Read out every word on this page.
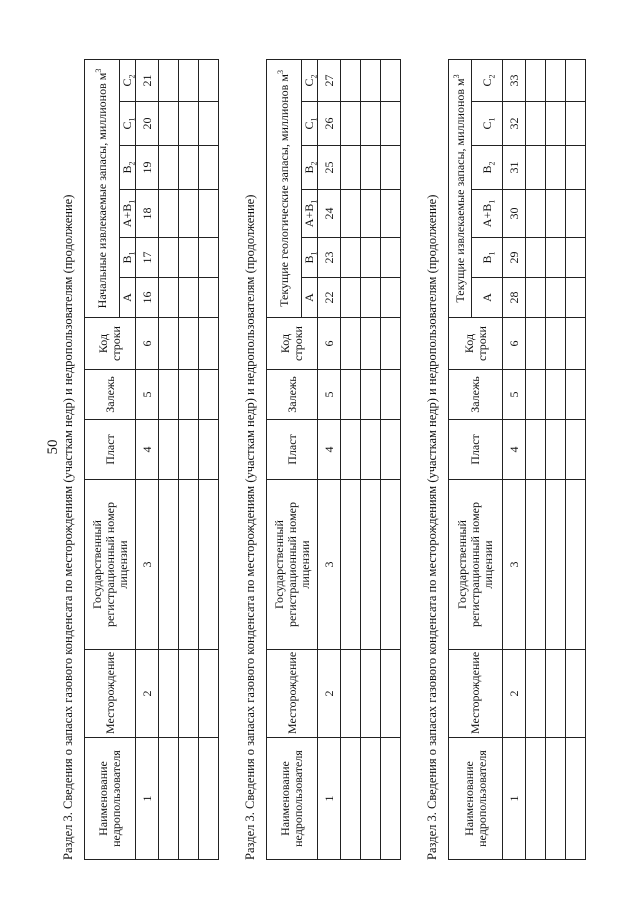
50 Раздел 3. Сведения о запасах газового конденсата по месторождениям (участкам недр) и недропользователям (продолжение) Наименование недропользователя	Месторождение	Государственный регистрационный номер лицензии	Пласт	Залежь	Код строки	Начальные извлекаемые запасы, миллионов $м^3$
						A	$B_1$	$A+B_1$	$B_2$	$C_1$	$C_2$
1	2	3	4	5	6	16	17	18	19	20	21

Раздел 3. Сведения о запасах газового конденсата по месторождениям (участкам недр) и недропользователям (продолжение) Наименование недропользователя	Месторождение	Государственный регистрационный номер лицензии	Пласт	Залежь	Код строки	Текущие геологические запасы, миллионов $м^3$
						A	$B_1$	$A+B_1$	$B_2$	$C_1$	$C_2$
1	2	3	4	5	6	22	23	24	25	26	27

Раздел 3. Сведения о запасах газового конденсата по месторождениям (участкам недр) и недропользователям (продолжение) Наименование недропользователя	Месторождение	Государственный регистрационный номер лицензии	Пласт	Залежь	Код строки	Текущие извлекаемые запасы, миллионов $м^3$
						A	$B_1$	$A+B_1$	$B_2$	$C_1$	$C_2$
1	2	3	4	5	6	28	29	30	31	32	33
